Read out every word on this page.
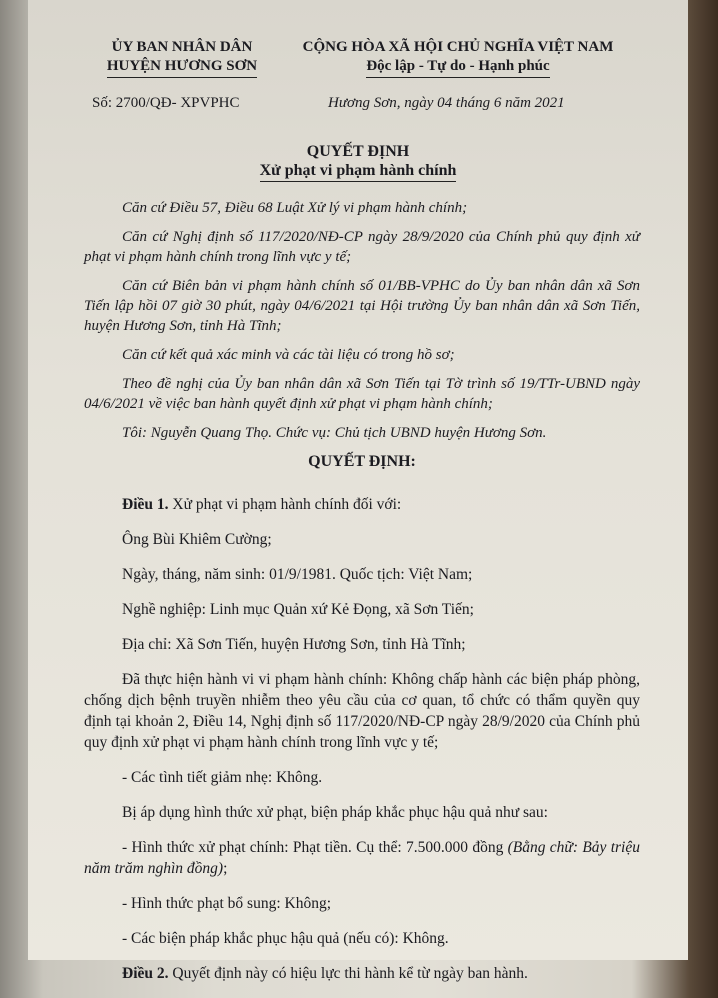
ỦY BAN NHÂN DÂN
HUYỆN HƯƠNG SƠN
CỘNG HÒA XÃ HỘI CHỦ NGHĨA VIỆT NAM
Độc lập - Tự do - Hạnh phúc
Số: 2700/QĐ- XPVPHC	Hương Sơn, ngày 04 tháng 6 năm 2021
QUYẾT ĐỊNH
Xử phạt vi phạm hành chính
Căn cứ Điều 57, Điều 68 Luật Xử lý vi phạm hành chính;
Căn cứ Nghị định số 117/2020/NĐ-CP ngày 28/9/2020 của Chính phủ quy định xử phạt vi phạm hành chính trong lĩnh vực y tế;
Căn cứ Biên bản vi phạm hành chính số 01/BB-VPHC do Ủy ban nhân dân xã Sơn Tiến lập hồi 07 giờ 30 phút, ngày 04/6/2021 tại Hội trường Ủy ban nhân dân xã Sơn Tiến, huyện Hương Sơn, tỉnh Hà Tĩnh;
Căn cứ kết quả xác minh và các tài liệu có trong hồ sơ;
Theo đề nghị của Ủy ban nhân dân xã Sơn Tiến tại Tờ trình số 19/TTr-UBND ngày 04/6/2021 về việc ban hành quyết định xử phạt vi phạm hành chính;
Tôi: Nguyễn Quang Thọ. Chức vụ: Chủ tịch UBND huyện Hương Sơn.
QUYẾT ĐỊNH:
Điều 1. Xử phạt vi phạm hành chính đối với:
Ông Bùi Khiêm Cường;
Ngày, tháng, năm sinh: 01/9/1981. Quốc tịch: Việt Nam;
Nghề nghiệp: Linh mục Quản xứ Kẻ Đọng, xã Sơn Tiến;
Địa chỉ: Xã Sơn Tiến, huyện Hương Sơn, tỉnh Hà Tĩnh;
Đã thực hiện hành vi vi phạm hành chính: Không chấp hành các biện pháp phòng, chống dịch bệnh truyền nhiễm theo yêu cầu của cơ quan, tổ chức có thẩm quyền quy định tại khoản 2, Điều 14, Nghị định số 117/2020/NĐ-CP ngày 28/9/2020 của Chính phủ quy định xử phạt vi phạm hành chính trong lĩnh vực y tế;
- Các tình tiết giảm nhẹ: Không.
Bị áp dụng hình thức xử phạt, biện pháp khắc phục hậu quả như sau:
- Hình thức xử phạt chính: Phạt tiền. Cụ thể: 7.500.000 đồng (Bằng chữ: Bảy triệu năm trăm nghìn đồng);
- Hình thức phạt bổ sung: Không;
- Các biện pháp khắc phục hậu quả (nếu có): Không.
Điều 2. Quyết định này có hiệu lực thi hành kể từ ngày ban hành.
